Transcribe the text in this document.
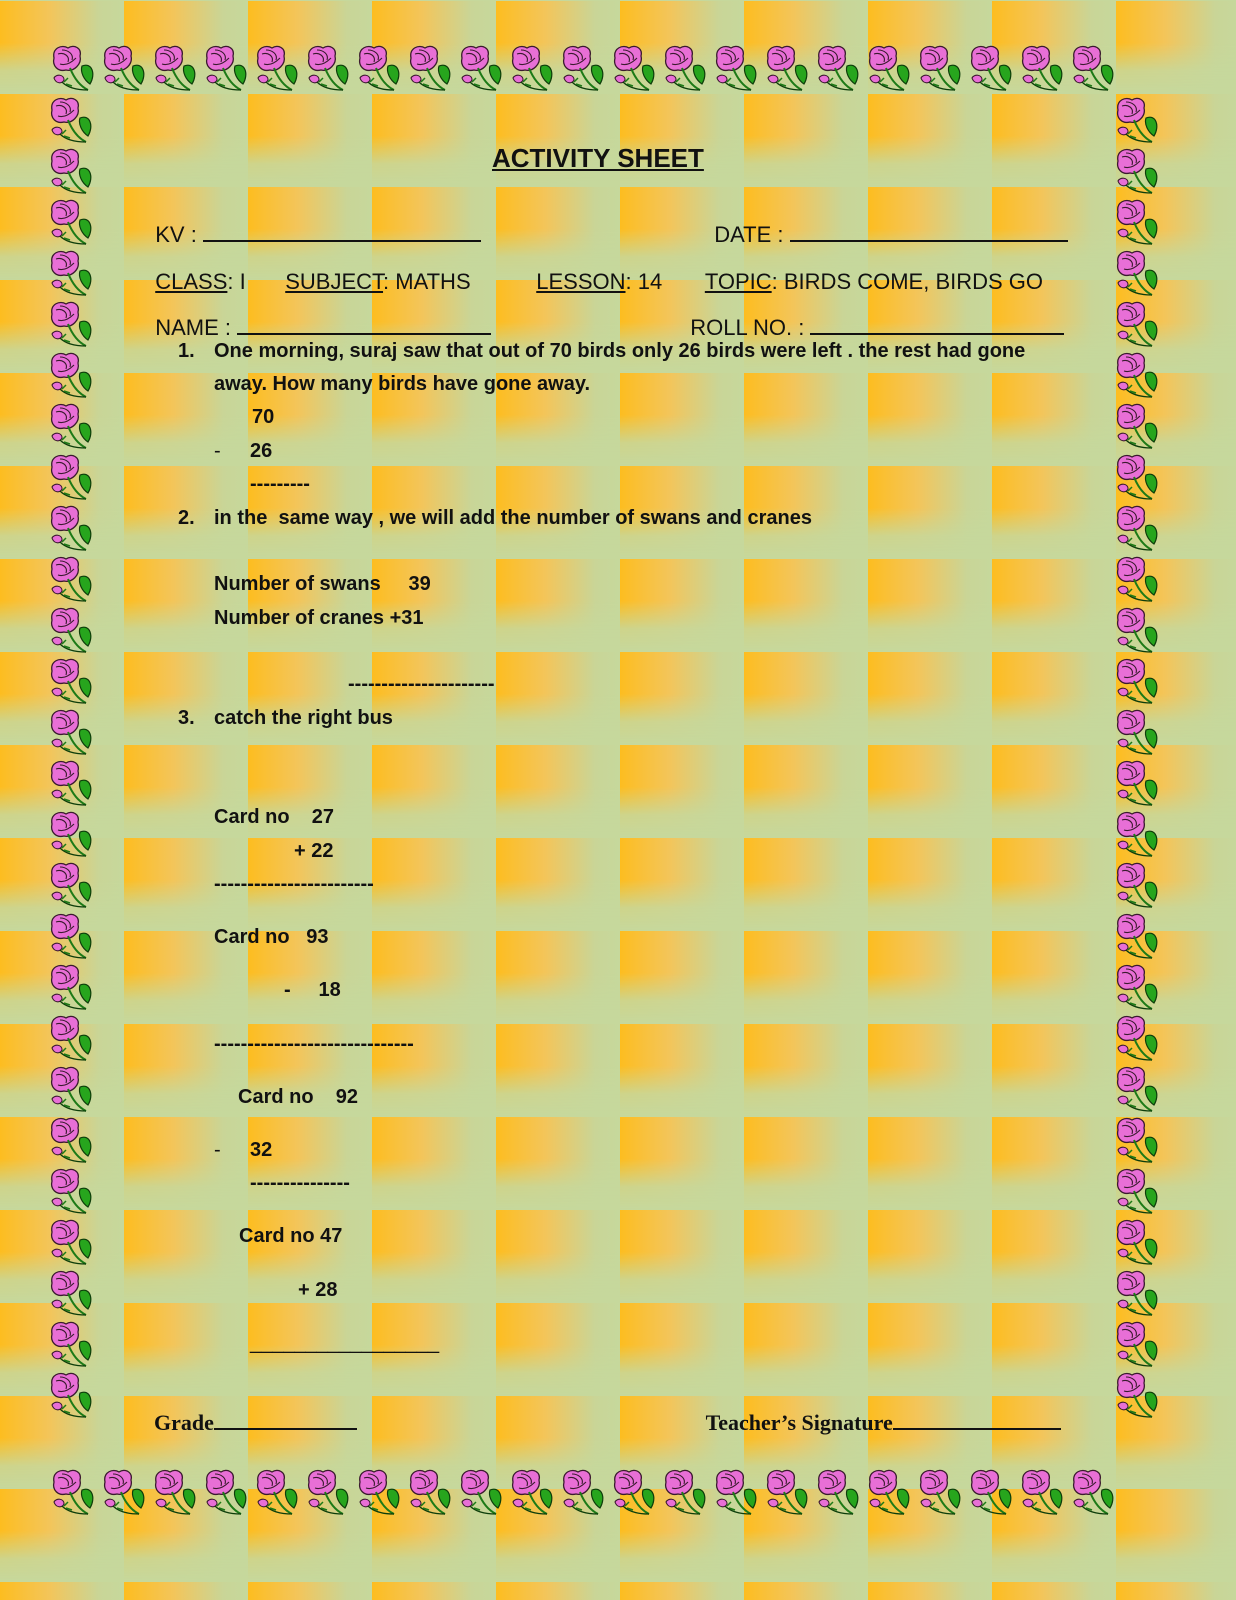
ACTIVITY SHEET

KV :	DATE :

CLASS: I	SUBJECT: MATHS	LESSON: 14	TOPIC: BIRDS COME, BIRDS GO

NAME :	ROLL NO. :

1. One morning, suraj saw that out of 70 birds only 26 birds were left . the rest had gone
away. How many birds have gone away.
70
- 26
---------
2. in the  same way , we will add the number of swans and cranes
Number of swans     39
Number of cranes +31
----------------------
3. catch the right bus
Card no    27
+ 22
------------------------
Card no   93
-     18
------------------------------
Card no    92
- 32
---------------
Card no 47
+ 28
_________________

Grade	Teacher’s Signature
